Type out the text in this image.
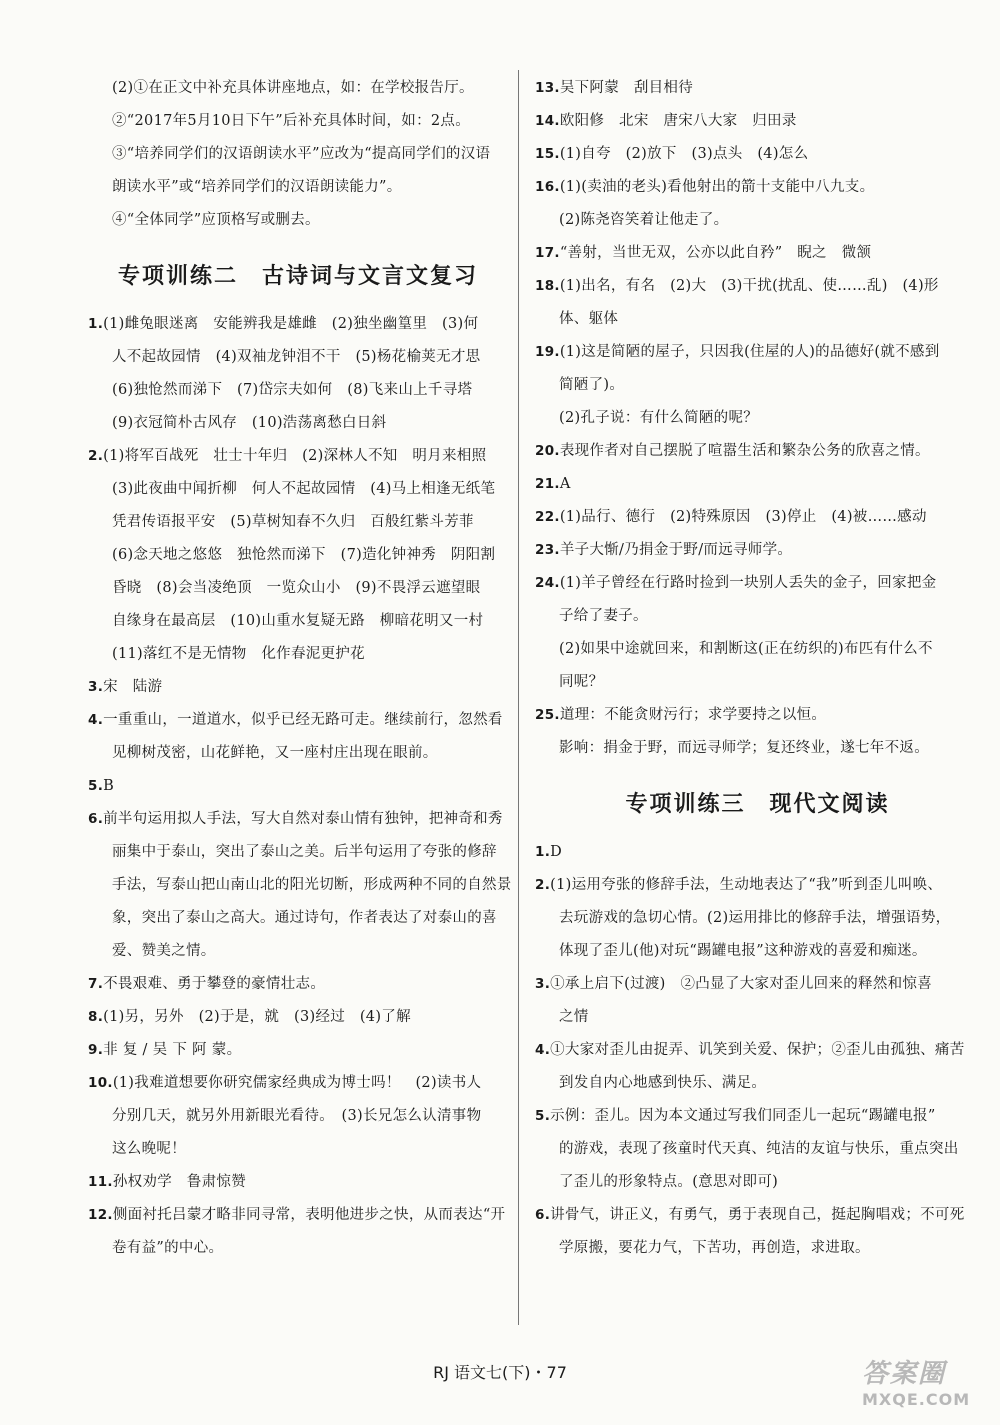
(2)①在正文中补充具体讲座地点，如：在学校报告厅。
②“2017年5月10日下午”后补充具体时间，如：2点。
③“培养同学们的汉语朗读水平”应改为“提高同学们的汉语
朗读水平”或“培养同学们的汉语朗读能力”。
④“全体同学”应顶格写或删去。
专项训练二　古诗词与文言文复习
1.(1)雌兔眼迷离　安能辨我是雄雌　(2)独坐幽篁里　(3)何
人不起故园情　(4)双袖龙钟泪不干　(5)杨花榆荚无才思
(6)独怆然而涕下　(7)岱宗夫如何　(8)飞来山上千寻塔
(9)衣冠简朴古风存　(10)浩荡离愁白日斜
2.(1)将军百战死　壮士十年归　(2)深林人不知　明月来相照
(3)此夜曲中闻折柳　何人不起故园情　(4)马上相逢无纸笔
凭君传语报平安　(5)草树知春不久归　百般红紫斗芳菲
(6)念天地之悠悠　独怆然而涕下　(7)造化钟神秀　阴阳割
昏晓　(8)会当凌绝顶　一览众山小　(9)不畏浮云遮望眼
自缘身在最高层　(10)山重水复疑无路　柳暗花明又一村
(11)落红不是无情物　化作春泥更护花
3.宋　陆游
4.一重重山，一道道水，似乎已经无路可走。继续前行，忽然看
见柳树茂密，山花鲜艳，又一座村庄出现在眼前。
5.B
6.前半句运用拟人手法，写大自然对泰山情有独钟，把神奇和秀
丽集中于泰山，突出了泰山之美。后半句运用了夸张的修辞
手法，写泰山把山南山北的阳光切断，形成两种不同的自然景
象，突出了泰山之高大。通过诗句，作者表达了对泰山的喜
爱、赞美之情。
7.不畏艰难、勇于攀登的豪情壮志。
8.(1)另，另外　(2)于是，就　(3)经过　(4)了解
9.非 复 / 吴 下 阿 蒙。
10.(1)我难道想要你研究儒家经典成为博士吗！　(2)读书人
分别几天，就另外用新眼光看待。　(3)长兄怎么认清事物
这么晚呢！
11.孙权劝学　鲁肃惊赞
12.侧面衬托吕蒙才略非同寻常，表明他进步之快，从而表达“开
卷有益”的中心。
13.吴下阿蒙　刮目相待
14.欧阳修　北宋　唐宋八大家　归田录
15.(1)自夸　(2)放下　(3)点头　(4)怎么
16.(1)(卖油的老头)看他射出的箭十支能中八九支。
(2)陈尧咨笑着让他走了。
17.“善射，当世无双，公亦以此自矜”　睨之　微颔
18.(1)出名，有名　(2)大　(3)干扰(扰乱、使……乱)　(4)形
体、躯体
19.(1)这是简陋的屋子，只因我(住屋的人)的品德好(就不感到
简陋了)。
(2)孔子说：有什么简陋的呢？
20.表现作者对自己摆脱了喧嚣生活和繁杂公务的欣喜之情。
21.A
22.(1)品行、德行　(2)特殊原因　(3)停止　(4)被……感动
23.羊子大惭/乃捐金于野/而远寻师学。
24.(1)羊子曾经在行路时捡到一块别人丢失的金子，回家把金
子给了妻子。
(2)如果中途就回来，和割断这(正在纺织的)布匹有什么不
同呢？
25.道理：不能贪财污行；求学要持之以恒。
影响：捐金于野，而远寻师学；复还终业，遂七年不返。
专项训练三　现代文阅读
1.D
2.(1)运用夸张的修辞手法，生动地表达了“我”听到歪儿叫唤、
去玩游戏的急切心情。(2)运用排比的修辞手法，增强语势，
体现了歪儿(他)对玩“踢罐电报”这种游戏的喜爱和痴迷。
3.①承上启下(过渡)　②凸显了大家对歪儿回来的释然和惊喜
之情
4.①大家对歪儿由捉弄、讥笑到关爱、保护；②歪儿由孤独、痛苦
到发自内心地感到快乐、满足。
5.示例：歪儿。因为本文通过写我们同歪儿一起玩“踢罐电报”
的游戏，表现了孩童时代天真、纯洁的友谊与快乐，重点突出
了歪儿的形象特点。(意思对即可)
6.讲骨气，讲正义，有勇气，勇于表现自己，挺起胸唱戏；不可死
学原搬，要花力气，下苦功，再创造，求进取。
RJ 语文七(下)・77	答案圈
MXQE.COM
